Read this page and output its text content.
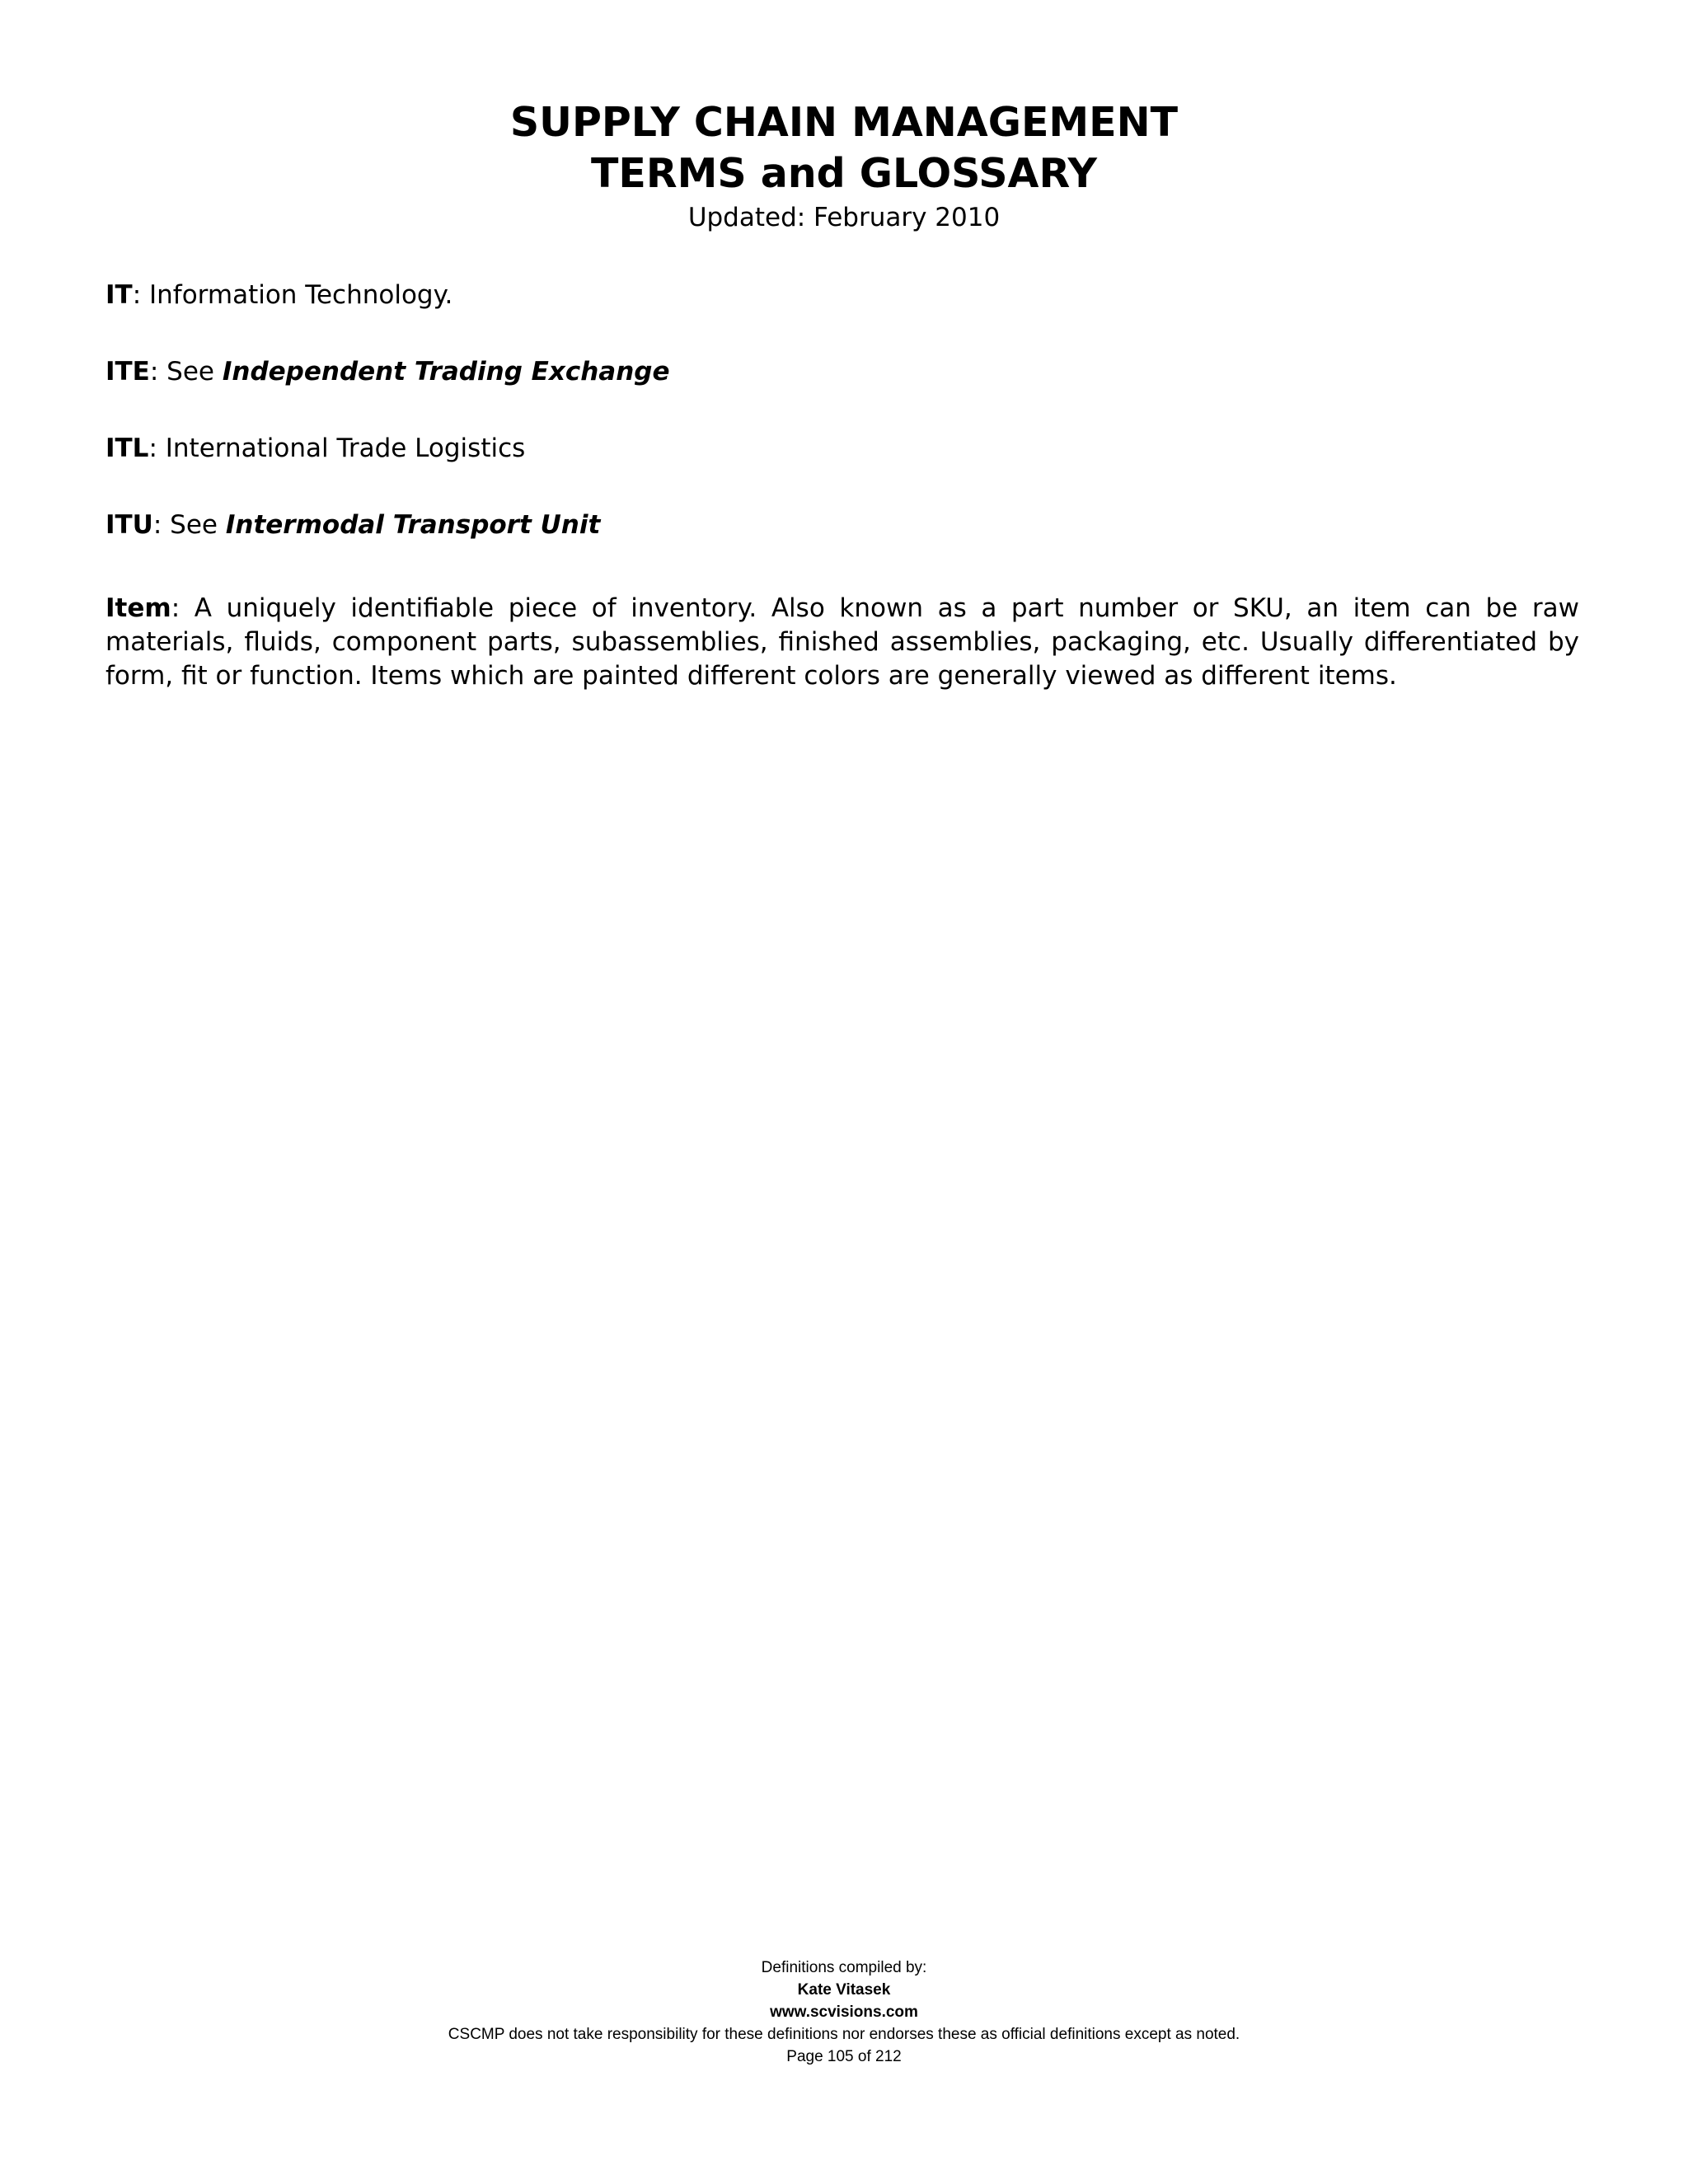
SUPPLY CHAIN MANAGEMENT
TERMS and GLOSSARY
Updated: February 2010

IT: Information Technology.

ITE: See Independent Trading Exchange

ITL: International Trade Logistics

ITU: See Intermodal Transport Unit

Item: A uniquely identifiable piece of inventory. Also known as a part number or SKU, an item can be raw materials, fluids, component parts, subassemblies, finished assemblies, packaging, etc. Usually differentiated by form, fit or function. Items which are painted different colors are generally viewed as different items.

Definitions compiled by:
Kate Vitasek
www.scvisions.com
CSCMP does not take responsibility for these definitions nor endorses these as official definitions except as noted.
Page 105 of 212
